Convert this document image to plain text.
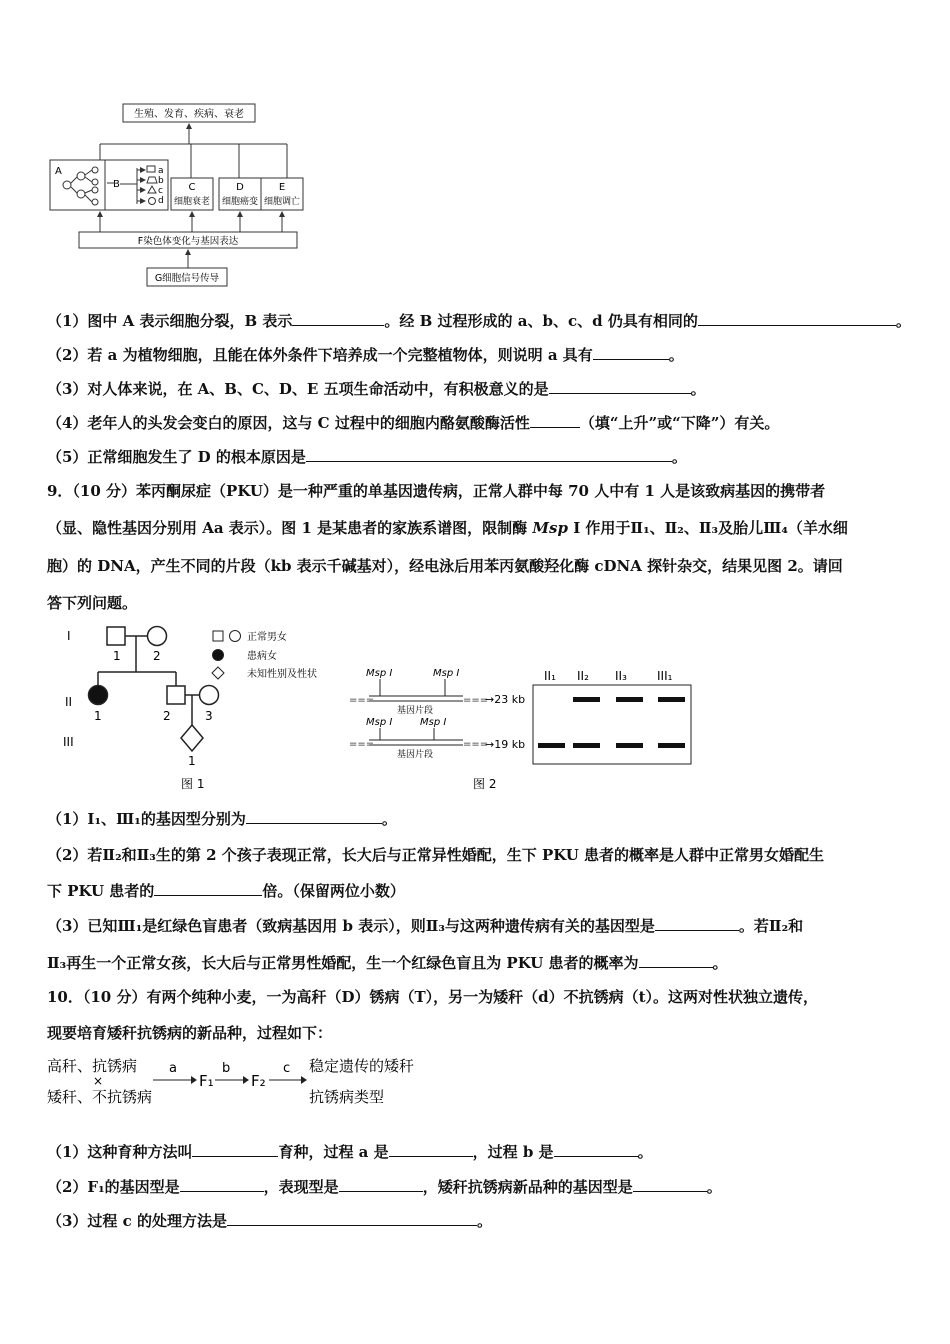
生殖、发育、疾病、衰老
A
B
a
b
c
d
C
细胞衰老
D
细胞癌变
E
细胞调亡
F染色体变化与基因表达
G细胞信号传导
（1）图中 A 表示细胞分裂，B 表示	。经 B 过程形成的 a、b、c、d 仍具有相同的	。
（2）若 a 为植物细胞，且能在体外条件下培养成一个完整植物体，则说明 a 具有	。
（3）对人体来说，在 A、B、C、D、E 五项生命活动中，有积极意义的是	。
（4）老年人的头发会变白的原因，这与 C 过程中的细胞内酪氨酸酶活性	（填“上升”或“下降”）有关。
（5）正常细胞发生了 D 的根本原因是	。
9．（10 分）苯丙酮尿症（PKU）是一种严重的单基因遗传病，正常人群中每 70 人中有 1 人是该致病基因的携带者
（显、隐性基因分别用 Aa 表示）。图 1 是某患者的家族系谱图，限制酶 Msp I 作用于Ⅱ₁、Ⅱ₂、Ⅱ₃及胎儿Ⅲ₄（羊水细
胞）的 DNA，产生不同的片段（kb 表示千碱基对），经电泳后用苯丙氨酸羟化酶 cDNA 探针杂交，结果见图 2。请回
答下列问题。
I
II
III
1	2
1	2	3
1
图 1
正常男女
患病女
未知性别及性状	Msp I	Msp I
===	===
基因片段
→23 kb
Msp I	Msp I
===	===
基因片段
→19 kb
II₁ II₂ II₃	III₁
图 2
（1）I₁、Ⅲ₁的基因型分别为	。
（2）若Ⅱ₂和Ⅱ₃生的第 2 个孩子表现正常，长大后与正常异性婚配，生下 PKU 患者的概率是人群中正常男女婚配生
下 PKU 患者的	倍。（保留两位小数）
（3）已知Ⅲ₁是红绿色盲患者（致病基因用 b 表示），则Ⅱ₃与这两种遗传病有关的基因型是	。若Ⅱ₂和
Ⅱ₃再生一个正常女孩，长大后与正常男性婚配，生一个红绿色盲且为 PKU 患者的概率为	。
10．（10 分）有两个纯种小麦，一为高秆（D）锈病（T），另一为矮秆（d）不抗锈病（t）。这两对性状独立遗传，
现要培育矮秆抗锈病的新品种，过程如下：
高秆、抗锈病
×
矮秆、不抗锈病
a
F₁
b
F₂
c 稳定遗传的矮秆
抗锈病类型
（1）这种育种方法叫	育种，过程 a 是	，过程 b 是	。
（2）F₁的基因型是	，表现型是	，矮秆抗锈病新品种的基因型是	。
（3）过程 c 的处理方法是	。
